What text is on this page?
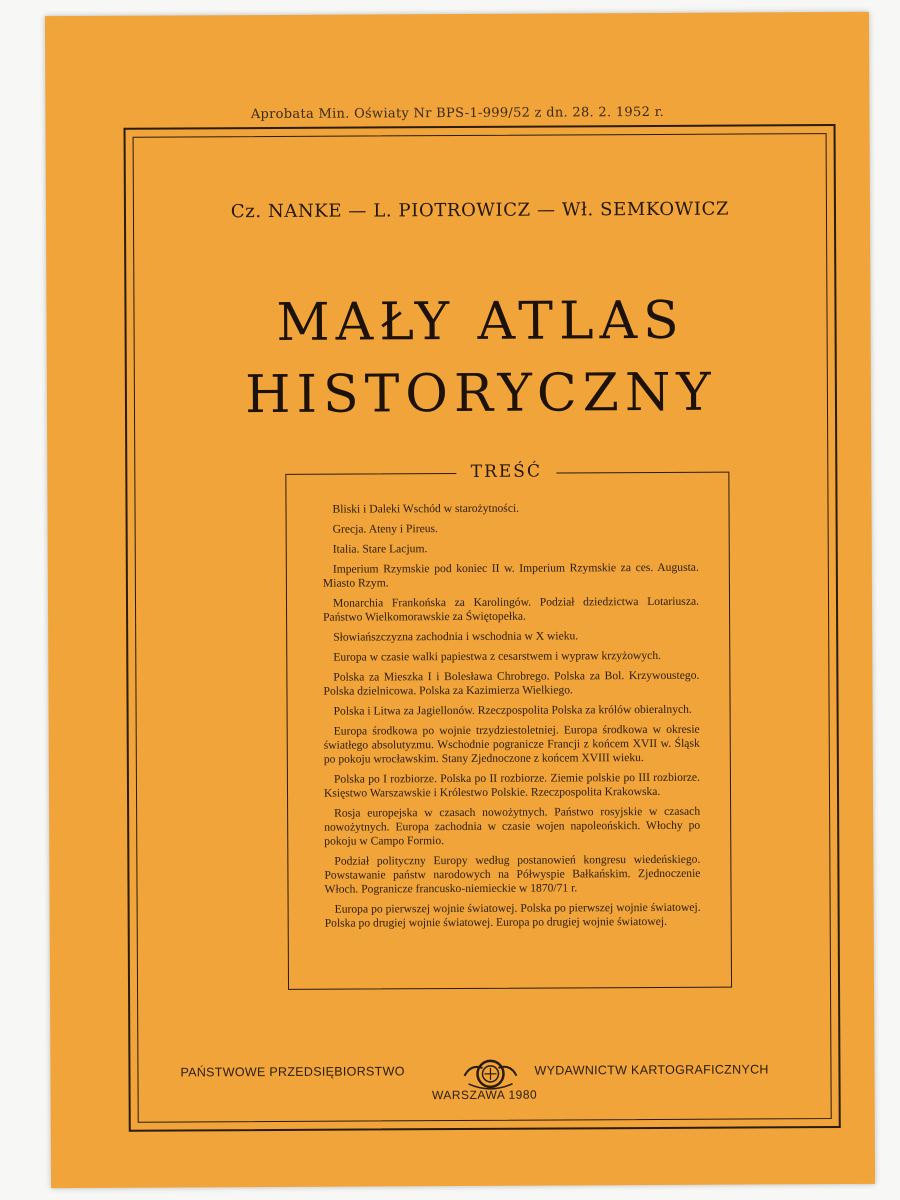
Aprobata Min. Oświaty Nr BPS-1-999/52 z dn. 28. 2. 1952 r.
Cz. NANKE — L. PIOTROWICZ — Wł. SEMKOWICZ
MAŁY ATLAS
HISTORYCZNY
TREŚĆ
Bliski i Daleki Wschód w starożytności.
Grecja. Ateny i Pireus.
Italia. Stare Lacjum.
Imperium Rzymskie pod koniec II w. Imperium Rzymskie za ces. Augusta. Miasto Rzym.
Monarchia Frankońska za Karolingów. Podział dziedzictwa Lotariusza. Państwo Wielkomorawskie za Świętopełka.
Słowiańszczyzna zachodnia i wschodnia w X wieku.
Europa w czasie walki papiestwa z cesarstwem i wypraw krzyżowych.
Polska za Mieszka I i Bolesława Chrobrego. Polska za Bol. Krzywoustego. Polska dzielnicowa. Polska za Kazimierza Wielkiego.
Polska i Litwa za Jagiellonów. Rzeczpospolita Polska za królów obieralnych.
Europa środkowa po wojnie trzydziestoletniej. Europa środkowa w okresie światłego absolutyzmu. Wschodnie pogranicze Francji z końcem XVII w. Śląsk po pokoju wrocławskim. Stany Zjednoczone z końcem XVIII wieku.
Polska po I rozbiorze. Polska po II rozbiorze. Ziemie polskie po III rozbiorze. Księstwo Warszawskie i Królestwo Polskie. Rzeczpospolita Krakowska.
Rosja europejska w czasach nowożytnych. Państwo rosyjskie w czasach nowożytnych. Europa zachodnia w czasie wojen napoleońskich. Włochy po pokoju w Campo Formio.
Podział polityczny Europy według postanowień kongresu wiedeńskiego. Powstawanie państw narodowych na Półwyspie Bałkańskim. Zjednoczenie Włoch. Pogranicze francusko-niemieckie w 1870/71 r.
Europa po pierwszej wojnie światowej. Polska po pierwszej wojnie światowej. Polska po drugiej wojnie światowej. Europa po drugiej wojnie światowej.
PAŃSTWOWE PRZEDSIĘBIORSTWO	WYDAWNICTW KARTOGRAFICZNYCH
WARSZAWA 1980
